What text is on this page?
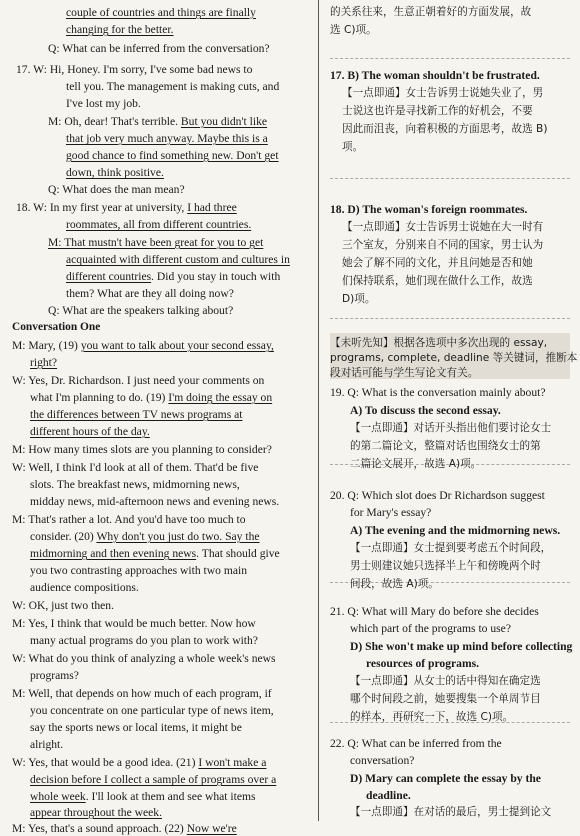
couple of countries and things are finally
changing for the better.
Q: What can be inferred from the conversation?
17. W: Hi, Honey. I'm sorry, I've some bad news to
tell you. The management is making cuts, and
I've lost my job.
M: Oh, dear! That's terrible. But you didn't like
that job very much anyway. Maybe this is a
good chance to find something new. Don't get
down, think positive.
Q: What does the man mean?
18. W: In my first year at university, I had three
roommates, all from different countries.
M: That mustn't have been great for you to get
acquainted with different custom and cultures in
different countries. Did you stay in touch with
them? What are they all doing now?
Q: What are the speakers talking about?
Conversation One
M: Mary, (19) you want to talk about your second essay,
right?
W: Yes, Dr. Richardson. I just need your comments on
what I'm planning to do. (19) I'm doing the essay on
the differences between TV news programs at
different hours of the day.
M: How many times slots are you planning to consider?
W: Well, I think I'd look at all of them. That'd be five
slots. The breakfast news, midmorning news,
midday news, mid-afternoon news and evening news.
M: That's rather a lot. And you'd have too much to
consider. (20) Why don't you just do two. Say the
midmorning and then evening news. That should give
you two contrasting approaches with two main
audience compositions.
W: OK, just two then.
M: Yes, I think that would be much better. Now how
many actual programs do you plan to work with?
W: What do you think of analyzing a whole week's news
programs?
M: Well, that depends on how much of each program, if
you concentrate on one particular type of news item,
say the sports news or local items, it might be
alright.
W: Yes, that would be a good idea. (21) I won't make a
decision before I collect a sample of programs over a
whole week. I'll look at them and see what items
appear throughout the week.
M: Yes, that's a sound approach. (22) Now we're
的关系往来，生意正朝着好的方面发展，故
选 C)项。
17. B) The woman shouldn't be frustrated.
【一点即通】女士告诉男士说她失业了，男
士说这也许是寻找新工作的好机会，不要
因此而沮丧，向着积极的方面思考，故选 B)
项。
18. D) The woman's foreign roommates.
【一点即通】女士告诉男士说她在大一时有
三个室友，分别来自不同的国家，男士认为
她会了解不同的文化，并且问她是否和她
们保持联系，她们现在做什么工作，故选
D)项。
【未听先知】根据各选项中多次出现的 essay,
programs, complete, deadline 等关键词，推断本
段对话可能与学生写论文有关。
19. Q: What is the conversation mainly about?
A) To discuss the second essay.
【一点即通】对话开头指出他们要讨论女士
的第二篇论文，整篇对话也围绕女士的第
二篇论文展开，故选 A)项。
20. Q: Which slot does Dr Richardson suggest
for Mary's essay?
A) The evening and the midmorning news.
【一点即通】女士提到要考虑五个时间段，
男士则建议她只选择半上午和傍晚两个时
间段，故选 A)项。
21. Q: What will Mary do before she decides
which part of the programs to use?
D) She won't make up mind before collecting
resources of programs.
【一点即通】从女士的话中得知在确定选
哪个时间段之前，她要搜集一个单周节目
的样本，再研究一下，故选 C)项。
22. Q: What can be inferred from the
conversation?
D) Mary can complete the essay by the
deadline.
【一点即通】在对话的最后，男士提到论文
